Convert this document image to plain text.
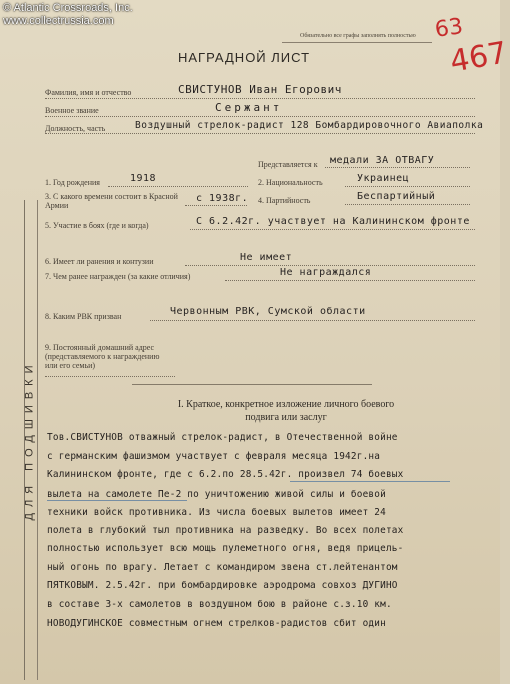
© Atlantic Crossroads, Inc.
www.collectrussia.com
Обязательно все графы заполнять полностью 63
467
НАГРАДНОЙ ЛИСТ
ДЛЯ ПОДШИВКИ
Фамилия, имя и отчество	СВИСТУНОВ Иван Егорович
Военное звание	Сержант
Должность, часть	Воздушный стрелок-радист 128 Бомбардировочного Авиаполка
Представляется к медали ЗА ОТВАГУ
1. Год рождения	1918	2. Национальность	Украинец
3. С какого времени состоит в Красной Армии
с 1938г. 4. Партийность	Беспартийный
5. Участие в боях (где и когда)	С 6.2.42г. участвует на Калининском фронте
6. Имеет ли ранения и контузии	Не имеет
7. Чем ранее награжден (за какие отличия)	Не награждался
8. Каким РВК призван	Червонным РВК, Сумской области
9. Постоянный домашний адрес (представляемого к награждению или его семьи)
I. Краткое, конкретное изложение личного боевого
подвига или заслуг
Тов.СВИСТУНОВ отважный стрелок-радист, в Отечественной войне
с германским фашизмом участвует с февраля месяца 1942г.на
Калининском фронте, где с 6.2.по 28.5.42г. произвел 74 боевых
вылета на самолете Пе-2 по уничтожению живой силы и боевой
техники войск противника. Из числа боевых вылетов имеет 24
полета в глубокий тыл противника на разведку. Во всех полетах
полностью использует всю мощь пулеметного огня, ведя прицель-
ный огонь по врагу. Летает с командиром звена ст.лейтенантом
ПЯТКОВЫМ. 2.5.42г. при бомбардировке аэродрома совхоз ДУГИНО
в составе 3-х самолетов в воздушном бою в районе с.з.10 км.
НОВОДУГИНСКОЕ совместным огнем стрелков-радистов сбит один
